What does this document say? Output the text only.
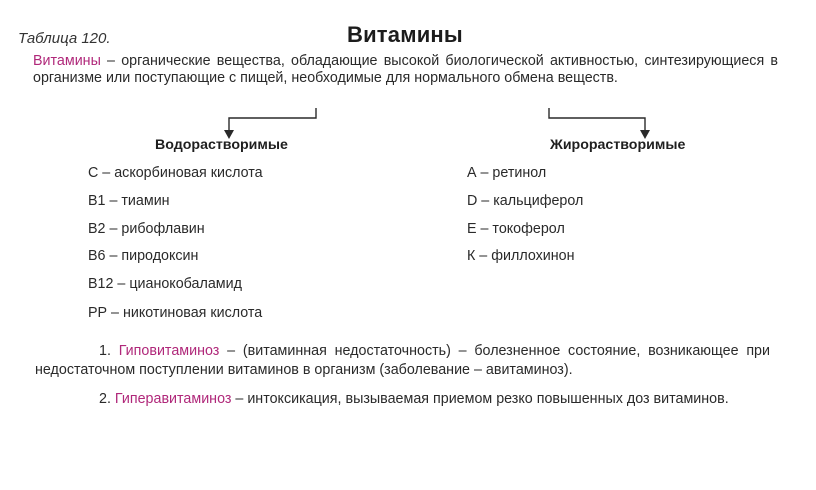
Таблица 120.	Витамины
Витамины – органические вещества, обладающие высокой биологической активностью, синтезирующиеся в организме или поступающие с пищей, необходимые для нормального обмена веществ.
Водорастворимые	Жирорастворимые
С – аскорбиновая кислота
В1 – тиамин
В2 – рибофлавин
В6 – пиродоксин
В12 – цианокобаламид
РР – никотиновая кислота
А – ретинол
D – кальциферол
Е – токоферол
К – филлохинон
1. Гиповитаминоз – (витаминная недостаточность) – болезненное состояние, возникающее при недостаточном поступлении витаминов в организм (заболевание – авитаминоз).
2. Гиперавитаминоз – интоксикация, вызываемая приемом резко повышенных доз витаминов.
